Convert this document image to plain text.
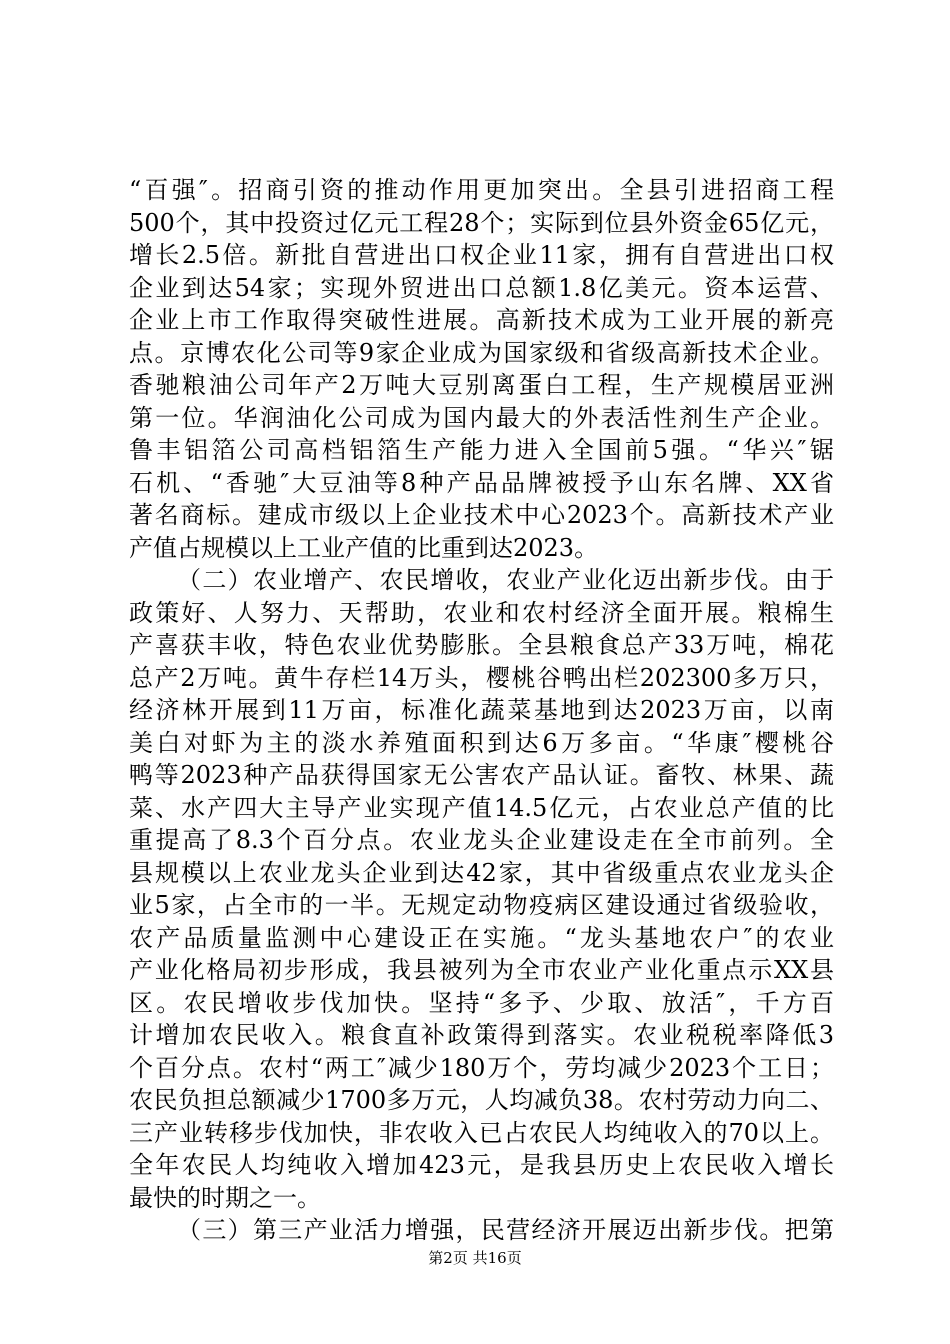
“百强″。招商引资的推动作用更加突出。全县引进招商工程
500个，其中投资过亿元工程28个；实际到位县外资金65亿元，
增长2.5倍。新批自营进出口权企业11家，拥有自营进出口权
企业到达54家；实现外贸进出口总额1.8亿美元。资本运营、
企业上市工作取得突破性进展。高新技术成为工业开展的新亮
点。京博农化公司等9家企业成为国家级和省级高新技术企业。
香驰粮油公司年产2万吨大豆别离蛋白工程，生产规模居亚洲
第一位。华润油化公司成为国内最大的外表活性剂生产企业。
鲁丰铝箔公司高档铝箔生产能力进入全国前5强。“华兴″锯
石机、“香驰″大豆油等8种产品品牌被授予山东名牌、XX省
著名商标。建成市级以上企业技术中心2023个。高新技术产业
产值占规模以上工业产值的比重到达2023。
（二）农业增产、农民增收，农业产业化迈出新步伐。由于
政策好、人努力、天帮助，农业和农村经济全面开展。粮棉生
产喜获丰收，特色农业优势膨胀。全县粮食总产33万吨，棉花
总产2万吨。黄牛存栏14万头，樱桃谷鸭出栏202300多万只，
经济林开展到11万亩，标准化蔬菜基地到达2023万亩，以南
美白对虾为主的淡水养殖面积到达6万多亩。“华康″樱桃谷
鸭等2023种产品获得国家无公害农产品认证。畜牧、林果、蔬
菜、水产四大主导产业实现产值14.5亿元，占农业总产值的比
重提高了8.3个百分点。农业龙头企业建设走在全市前列。全
县规模以上农业龙头企业到达42家，其中省级重点农业龙头企
业5家，占全市的一半。无规定动物疫病区建设通过省级验收，
农产品质量监测中心建设正在实施。“龙头基地农户″的农业
产业化格局初步形成，我县被列为全市农业产业化重点示XX县
区。农民增收步伐加快。坚持“多予、少取、放活″，千方百
计增加农民收入。粮食直补政策得到落实。农业税税率降低3
个百分点。农村“两工″减少180万个，劳均减少2023个工日；
农民负担总额减少1700多万元，人均减负38。农村劳动力向二、
三产业转移步伐加快，非农收入已占农民人均纯收入的70以上。
全年农民人均纯收入增加423元，是我县历史上农民收入增长
最快的时期之一。
（三）第三产业活力增强，民营经济开展迈出新步伐。把第
第2页 共16页
